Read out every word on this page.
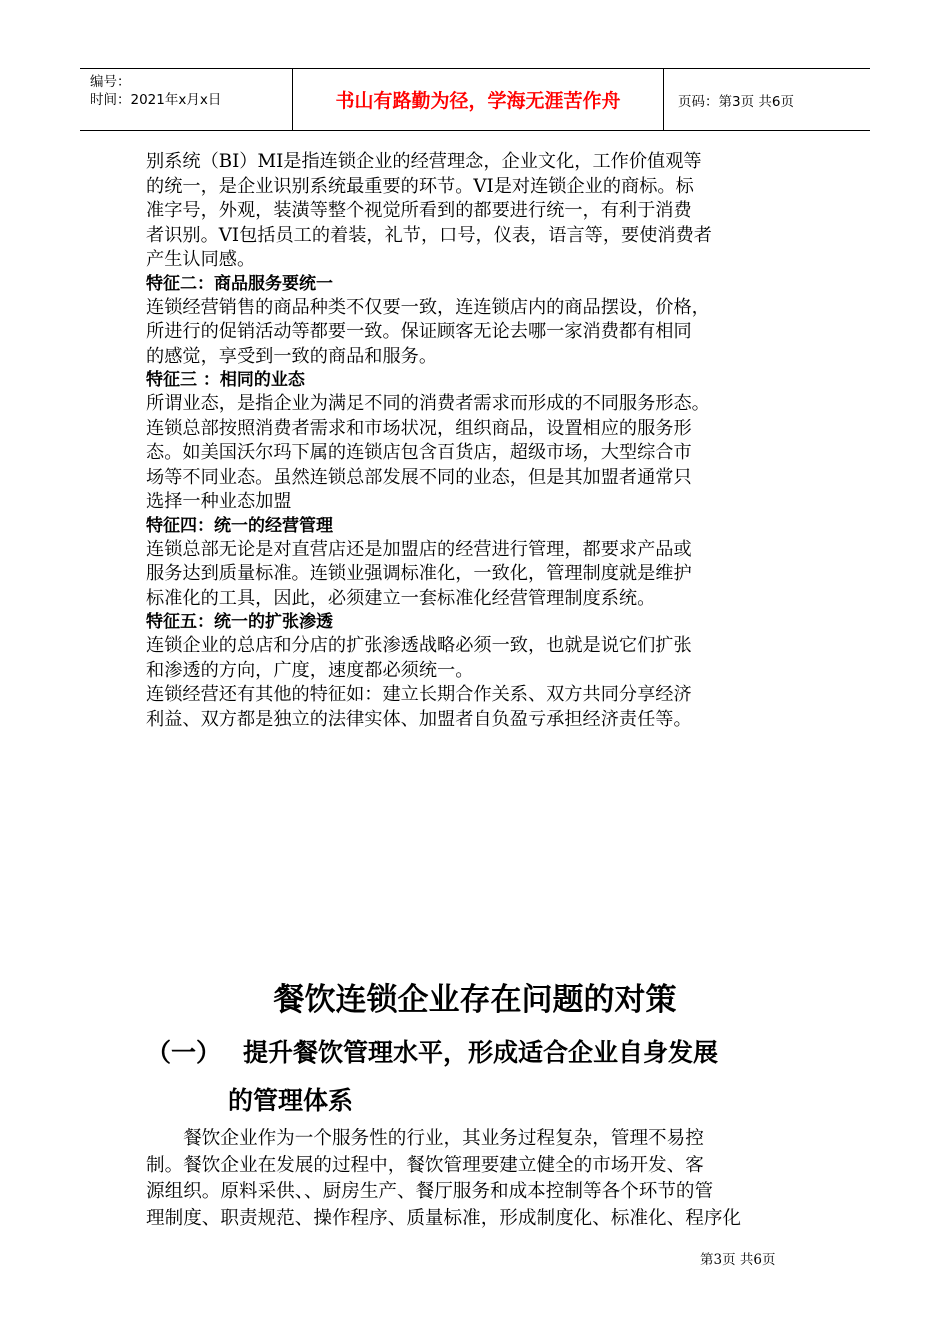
编号：
时间：2021年x月x日	书山有路勤为径，学海无涯苦作舟	页码：第3页 共6页

别系统（BI）MI是指连锁企业的经营理念，企业文化，工作价值观等

的统一，是企业识别系统最重要的环节。VI是对连锁企业的商标。标

准字号，外观，装潢等整个视觉所看到的都要进行统一，有利于消费

者识别。VI包括员工的着装，礼节，口号，仪表，语言等，要使消费者

产生认同感。

特征二：商品服务要统一

连锁经营销售的商品种类不仅要一致，连连锁店内的商品摆设，价格，

所进行的促销活动等都要一致。保证顾客无论去哪一家消费都有相同

的感觉，享受到一致的商品和服务。

特征三 ：相同的业态

所谓业态，是指企业为满足不同的消费者需求而形成的不同服务形态。

连锁总部按照消费者需求和市场状况，组织商品，设置相应的服务形

态。如美国沃尔玛下属的连锁店包含百货店，超级市场，大型综合市

场等不同业态。虽然连锁总部发展不同的业态，但是其加盟者通常只

选择一种业态加盟

特征四：统一的经营管理

连锁总部无论是对直营店还是加盟店的经营进行管理，都要求产品或

服务达到质量标准。连锁业强调标准化，一致化，管理制度就是维护

标准化的工具，因此，必须建立一套标准化经营管理制度系统。

特征五：统一的扩张渗透

连锁企业的总店和分店的扩张渗透战略必须一致，也就是说它们扩张

和渗透的方向，广度，速度都必须统一。

连锁经营还有其他的特征如：建立长期合作关系、双方共同分享经济

利益、双方都是独立的法律实体、加盟者自负盈亏承担经济责任等。

餐饮连锁企业存在问题的对策
（一） 提升餐饮管理水平，形成适合企业自身发展
的管理体系

餐饮企业作为一个服务性的行业，其业务过程复杂，管理不易控

制。餐饮企业在发展的过程中，餐饮管理要建立健全的市场开发、客

源组织。原料采供、、厨房生产、餐厅服务和成本控制等各个环节的管

理制度、职责规范、操作程序、质量标准，形成制度化、标准化、程序化

第3页 共6页
